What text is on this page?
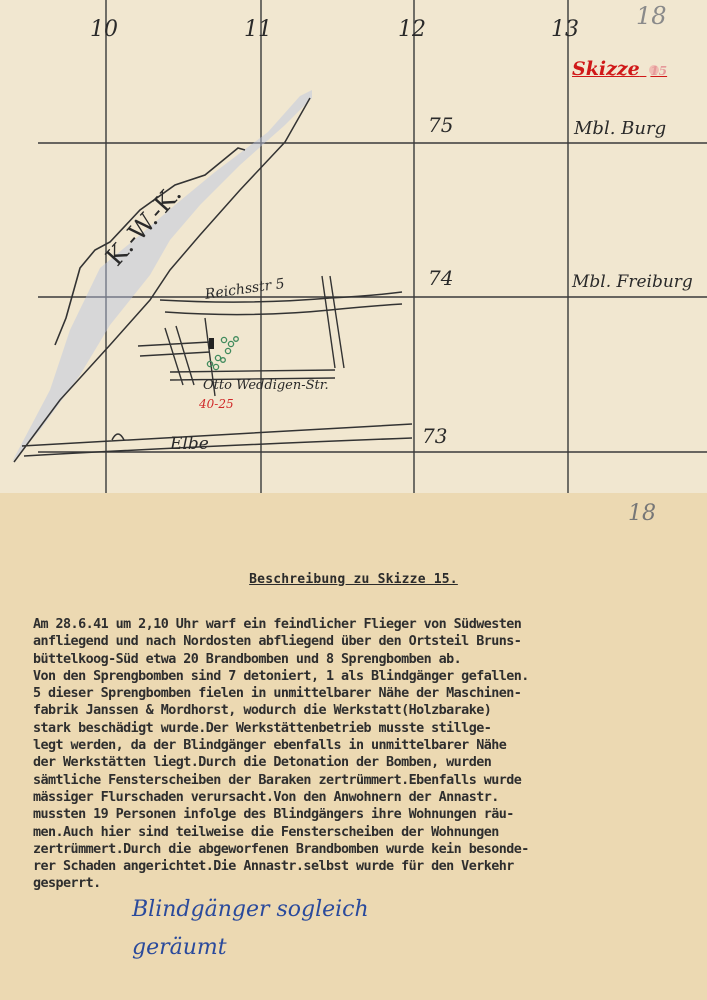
18
10	11	12	13
Skizze 15
75
74
73
Mbl. Burg
Mbl. Freiburg
K.-W.-K.
Reichsstr 5
Otto Weddigen-Str.
40-25
Elbe
18
Beschreibung zu Skizze 15.
Am 28.6.41 um 2,10 Uhr warf ein feindlicher Flieger von Südwesten
anfliegend und nach Nordosten abfliegend über den Ortsteil Bruns-
büttelkoog-Süd etwa 20 Brandbomben und 8 Sprengbomben ab.
Von den Sprengbomben sind 7 detoniert, 1 als Blindgänger gefallen.
5 dieser Sprengbomben fielen in unmittelbarer Nähe der Maschinen-
fabrik Janssen & Mordhorst, wodurch die Werkstatt(Holzbarake)
stark beschädigt wurde.Der Werkstättenbetrieb musste stillge-
legt werden, da der Blindgänger ebenfalls in unmittelbarer Nähe
der Werkstätten liegt.Durch die Detonation der Bomben, wurden
sämtliche Fensterscheiben der Baraken zertrümmert.Ebenfalls wurde
mässiger Flurschaden verursacht.Von den Anwohnern der Annastr.
mussten 19 Personen infolge des Blindgängers ihre Wohnungen räu-
men.Auch hier sind teilweise die Fensterscheiben der Wohnungen
zertrümmert.Durch die abgeworfenen Brandbomben wurde kein besonde-
rer Schaden angerichtet.Die Annastr.selbst wurde für den Verkehr
gesperrt.
Blindgänger sogleich
geräumt
